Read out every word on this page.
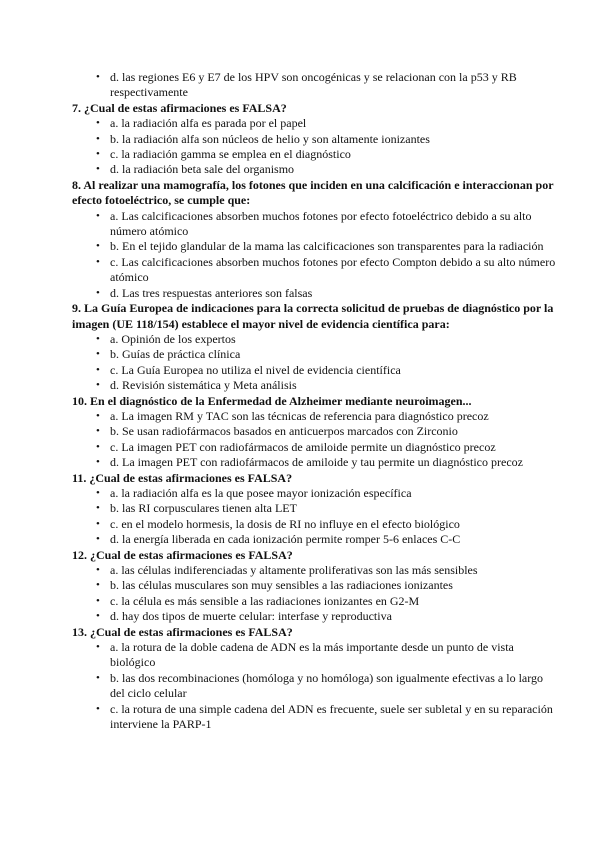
• d. las regiones E6 y E7 de los HPV son oncogénicas y se relacionan con la p53 y RB respectivamente

7. ¿Cual de estas afirmaciones es FALSA?

• a. la radiación alfa es parada por el papel
• b. la radiación alfa son núcleos de helio y son altamente ionizantes
• c. la radiación gamma se emplea en el diagnóstico
• d. la radiación beta sale del organismo

8. Al realizar una mamografía, los fotones que inciden en una calcificación e interaccionan por efecto fotoeléctrico, se cumple que:

• a. Las calcificaciones absorben muchos fotones por efecto fotoeléctrico debido a su alto número atómico
• b. En el tejido glandular de la mama las calcificaciones son transparentes para la radiación
• c. Las calcificaciones absorben muchos fotones por efecto Compton debido a su alto número atómico
• d. Las tres respuestas anteriores son falsas

9. La Guía Europea de indicaciones para la correcta solicitud de pruebas de diagnóstico por la imagen (UE 118/154) establece el mayor nivel de evidencia científica para:

• a. Opinión de los expertos
• b. Guías de práctica clínica
• c. La Guía Europea no utiliza el nivel de evidencia científica
• d. Revisión sistemática y Meta análisis

10. En el diagnóstico de la Enfermedad de Alzheimer mediante neuroimagen...

• a. La imagen RM y TAC son las técnicas de referencia para diagnóstico precoz
• b. Se usan radiofármacos basados en anticuerpos marcados con Zirconio
• c. La imagen PET con radiofármacos de amiloide permite un diagnóstico precoz
• d. La imagen PET con radiofármacos de amiloide y tau permite un diagnóstico precoz

11. ¿Cual de estas afirmaciones es FALSA?

• a. la radiación alfa es la que posee mayor ionización específica
• b. las RI corpusculares tienen alta LET
• c. en el modelo hormesis, la dosis de RI no influye en el efecto biológico
• d. la energía liberada en cada ionización permite romper 5-6 enlaces C-C

12. ¿Cual de estas afirmaciones es FALSA?

• a. las células indiferenciadas y altamente proliferativas son las más sensibles
• b. las células musculares son muy sensibles a las radiaciones ionizantes
• c. la célula es más sensible a las radiaciones ionizantes en G2-M
• d. hay dos tipos de muerte celular: interfase y reproductiva

13. ¿Cual de estas afirmaciones es FALSA?

• a. la rotura de la doble cadena de ADN es la más importante desde un punto de vista biológico
• b. las dos recombinaciones (homóloga y no homóloga) son igualmente efectivas a lo largo del ciclo celular
• c. la rotura de una simple cadena del ADN es frecuente, suele ser subletal y en su reparación interviene la PARP-1
